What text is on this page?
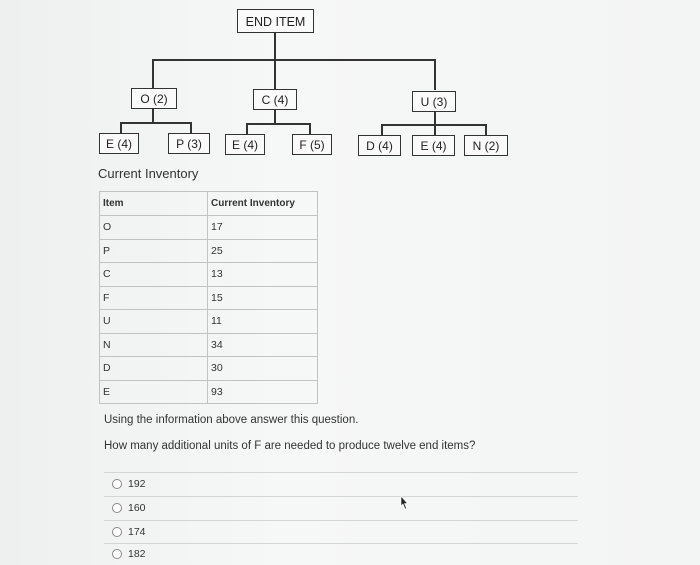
END ITEM
O (2)	C (4)	U (3)
E (4)	P (3)	E (4)	F (5)	D (4)	E (4)	N (2)
Current Inventory
Item	Current Inventory
O	17
P	25
C	13
F	15
U	11
N	34
D	30
E	93
Using the information above answer this question.
How many additional units of F are needed to produce twelve end items?
192
160
174
182
